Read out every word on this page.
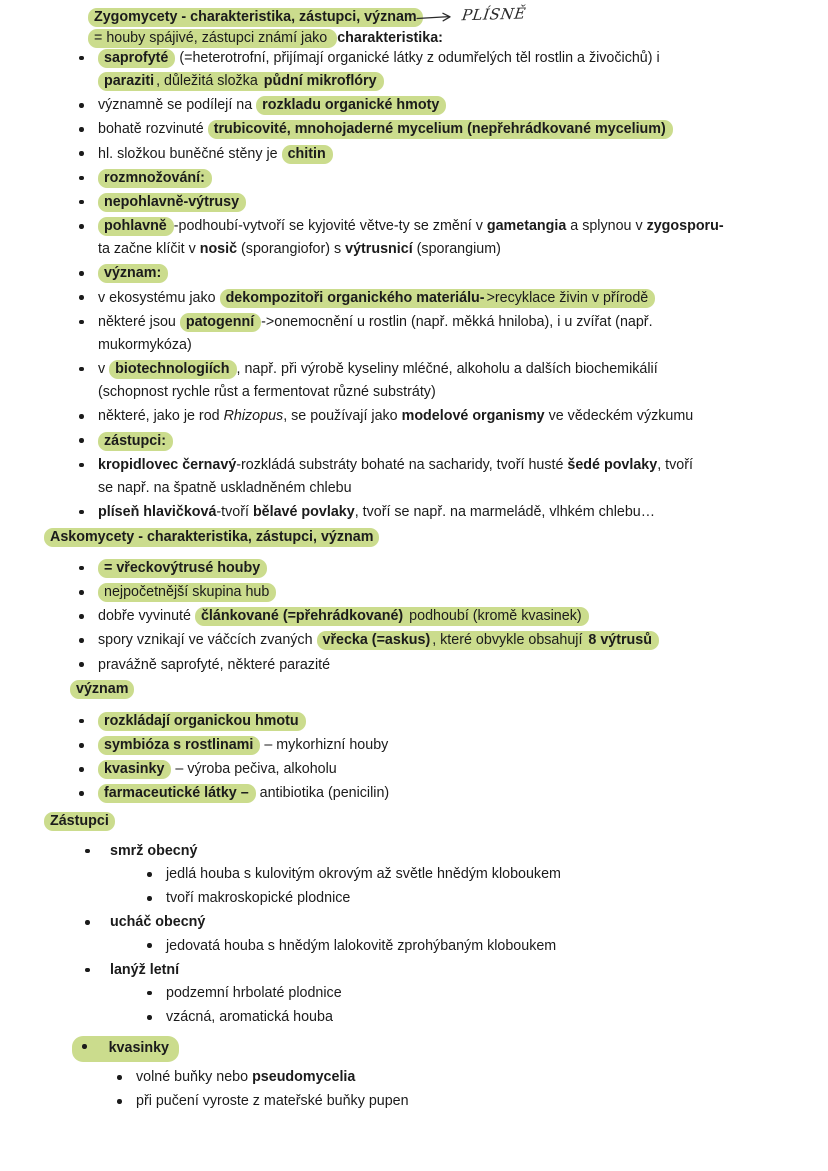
Zygomycety - charakteristika, zástupci, význam	PLÍSNĚ
= houby spájivé, zástupci známí jako charakteristika:
saprofyté (=heterotrofní, přijímají organické látky z odumřelých těl rostlin a živočichů) i
paraziti , důležitá složka půdní mikroflóry
významně se podílejí na rozkladu organické hmoty
bohatě rozvinuté trubicovité, mnohojaderné mycelium (nepřehrádkované mycelium)
hl. složkou buněčné stěny je chitin
rozmnožování:
nepohlavně-výtrusy
pohlavně -podhoubí-vytvoří se kyjovité větve-ty se změní v gametangia a splynou v zygosporu-
ta začne klíčit v nosič (sporangiofor) s výtrusnicí (sporangium)
význam:
v ekosystému jako dekompozitoři organického materiálu- >recyklace živin v přírodě
některé jsou patogenní ->onemocnění u rostlin (např. měkká hniloba), i u zvířat (např.
mukormykóza)
v biotechnologiích , např. při výrobě kyseliny mléčné, alkoholu a dalších biochemikálií
(schopnost rychle růst a fermentovat různé substráty)
některé, jako je rod Rhizopus, se používají jako modelové organismy ve vědeckém výzkumu
zástupci:
kropidlovec černavý-rozkládá substráty bohaté na sacharidy, tvoří husté šedé povlaky, tvoří
se např. na špatně uskladněném chlebu
plíseň hlavičková-tvoří bělavé povlaky, tvoří se např. na marmeládě, vlhkém chlebu…
Askomycety - charakteristika, zástupci, význam
= vřeckovýtrusé houby
nejpočetnější skupina hub
dobře vyvinuté článkované (=přehrádkované) podhoubí (kromě kvasinek)
spory vznikají ve váčcích zvaných vřecka (=askus) , které obvykle obsahují 8 výtrusů
pravážně saprofyté, některé parazité
význam
rozkládají organickou hmotu
symbióza s rostlinami – mykorhizní houby
kvasinky – výroba pečiva, alkoholu
farmaceutické látky – antibiotika (penicilin)
Zástupci
smrž obecný
jedlá houba s kulovitým okrovým až světle hnědým kloboukem
tvoří makroskopické plodnice
ucháč obecný
jedovatá houba s hnědým lalokovitě zprohýbaným kloboukem
lanýž letní
podzemní hrbolaté plodnice
vzácná, aromatická houba
kvasinky
volné buňky nebo pseudomycelia
při pučení vyroste z mateřské buňky pupen
